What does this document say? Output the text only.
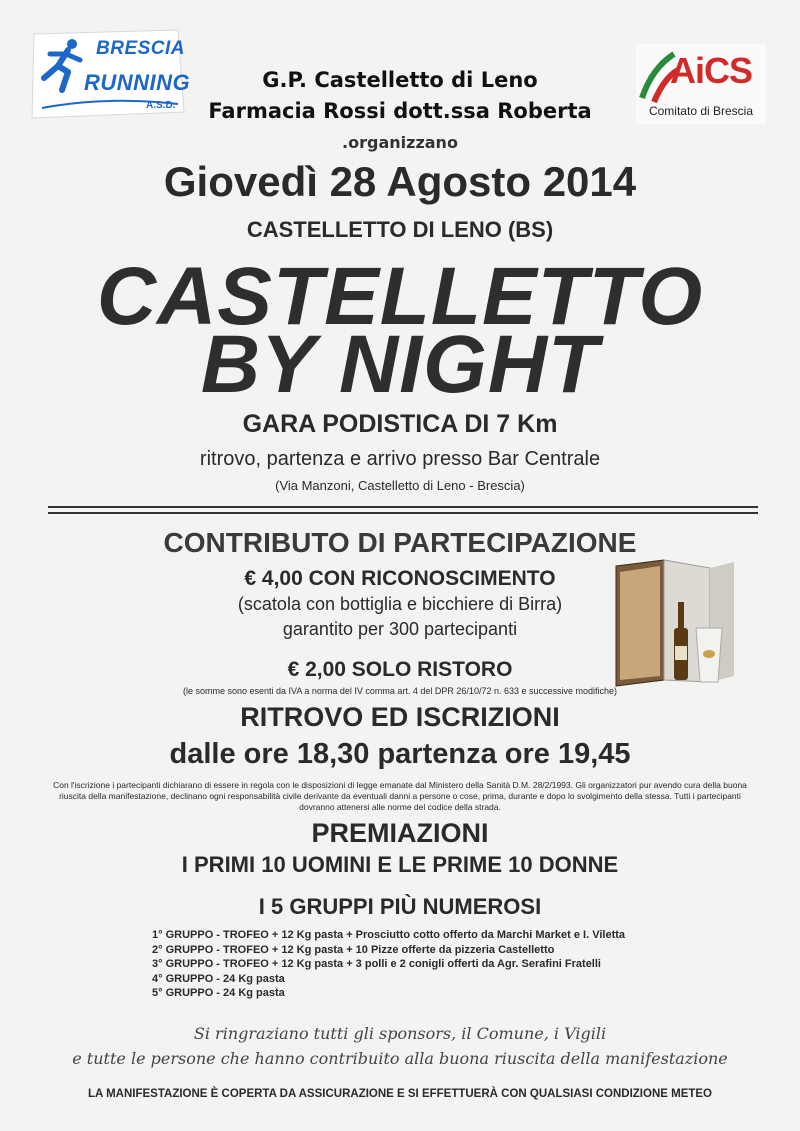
BRESCIA
RUNNING
A.S.D.
AiCS
Comitato di Brescia
G.P. Castelletto di Leno
Farmacia Rossi dott.ssa Roberta
.organizzano
Giovedì 28 Agosto 2014
CASTELLETTO DI LENO (BS)
CASTELLETTO
BY NIGHT
GARA PODISTICA DI 7 Km
ritrovo, partenza e arrivo presso Bar Centrale
(Via Manzoni, Castelletto di Leno - Brescia)
CONTRIBUTO DI PARTECIPAZIONE
€ 4,00 CON RICONOSCIMENTO
(scatola con bottiglia e bicchiere di Birra)
garantito per 300 partecipanti
€ 2,00 SOLO RISTORO
(le somme sono esenti da IVA a norma del IV comma art. 4 del DPR 26/10/72 n. 633 e successive modifiche)
RITROVO ED ISCRIZIONI
dalle ore 18,30 partenza ore 19,45
Con l'iscrizione i partecipanti dichiarano di essere in regola con le disposizioni di legge emanate dal Ministero della Sanità D.M. 28/2/1993. Gli organizzatori pur avendo cura della buona riuscita della manifestazione, declinano ogni responsabilità civile derivante da eventuali danni a persone o cose, prima, durante e dopo lo svolgimento della stessa. Tutti i partecipanti dovranno attenersi alle norme del codice della strada.
PREMIAZIONI
I PRIMI 10 UOMINI E LE PRIME 10 DONNE
I 5 GRUPPI PIÙ NUMEROSI
1° GRUPPO - TROFEO + 12 Kg pasta + Prosciutto cotto offerto da Marchi Market e I. Viletta
2° GRUPPO - TROFEO + 12 Kg pasta + 10 Pizze offerte da pizzeria Castelletto
3° GRUPPO - TROFEO + 12 Kg pasta + 3 polli e 2 conigli offerti da Agr. Serafini Fratelli
4° GRUPPO - 24 Kg pasta
5° GRUPPO - 24 Kg pasta
Si ringraziano tutti gli sponsors, il Comune, i Vigili
e tutte le persone che hanno contribuito alla buona riuscita della manifestazione
LA MANIFESTAZIONE È COPERTA DA ASSICURAZIONE E SI EFFETTUERÀ CON QUALSIASI CONDIZIONE METEO
